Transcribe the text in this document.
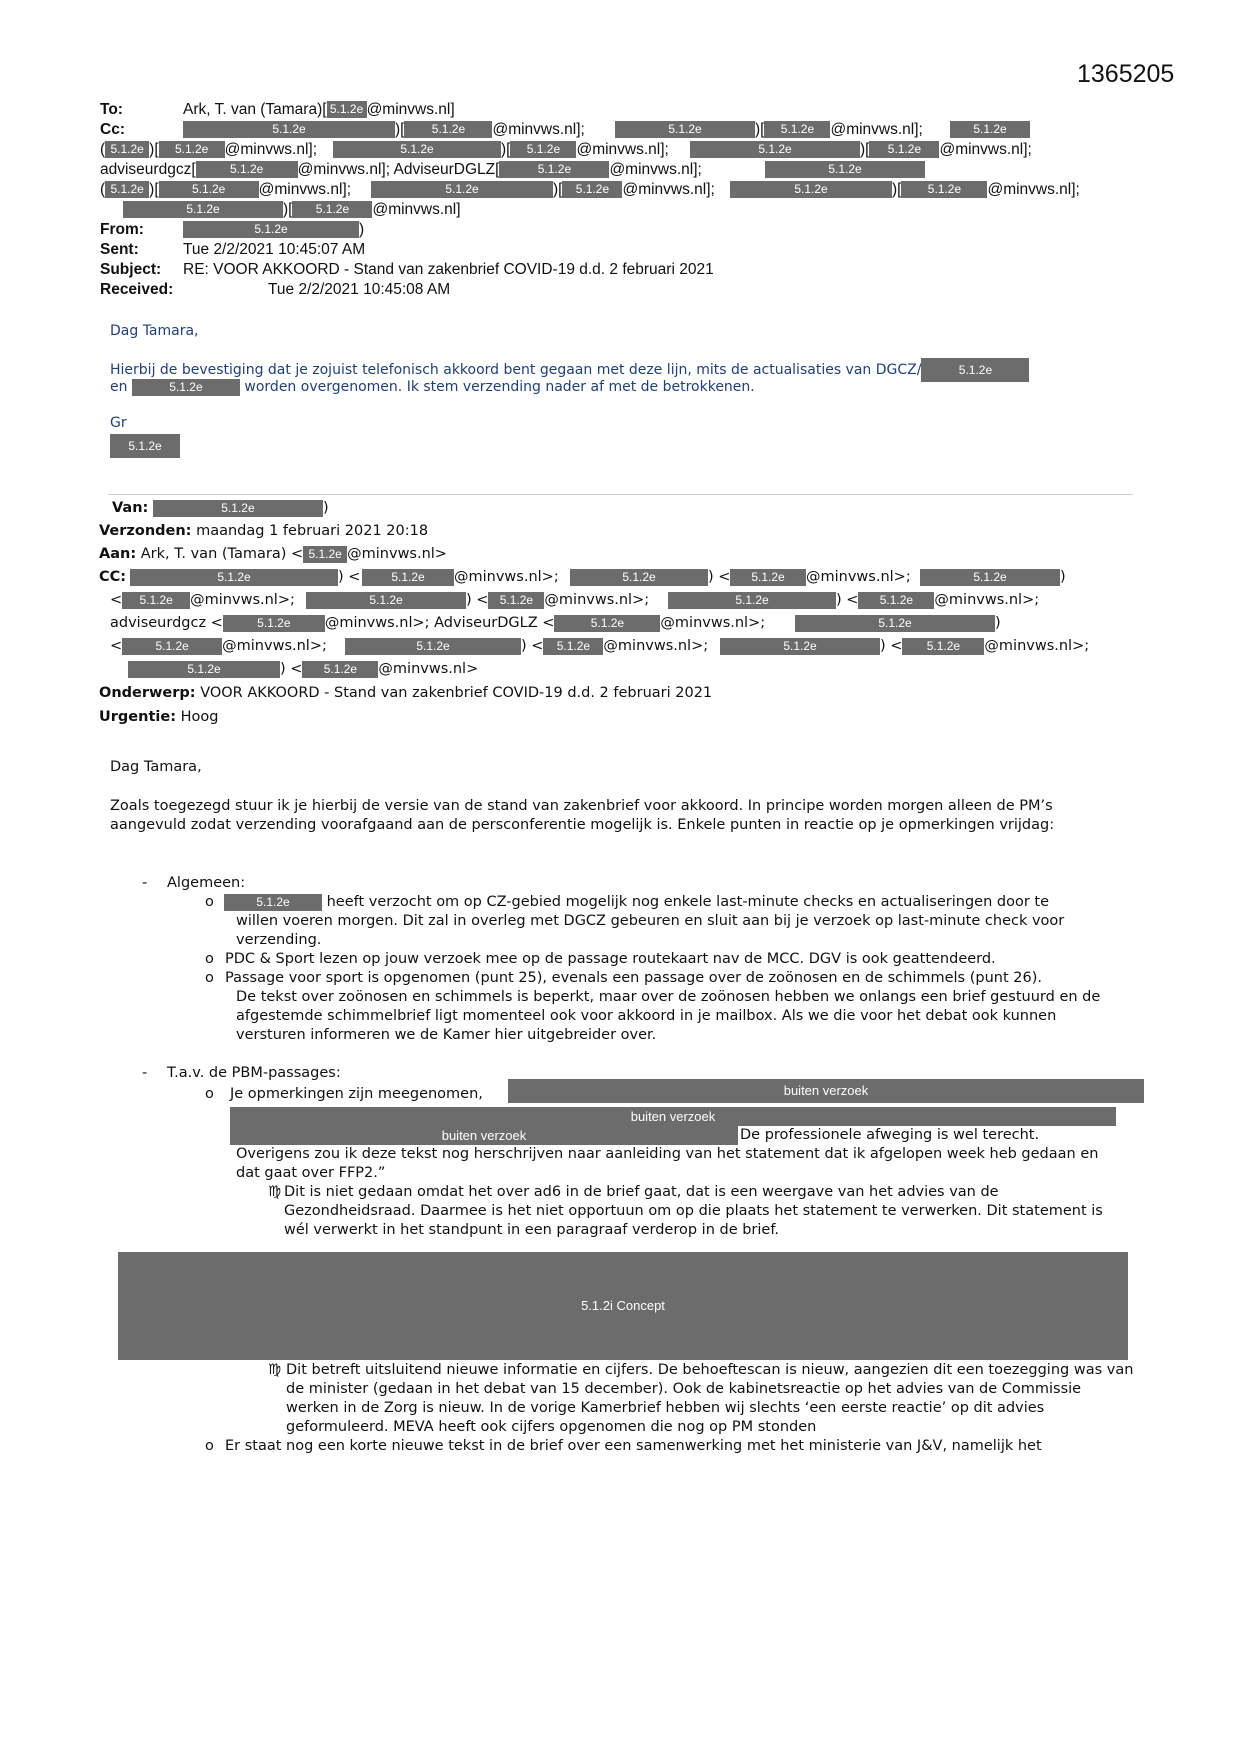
1365205
To:	Ark, T. van (Tamara)[ 5.1.2e @minvws.nl]
Cc:	5.1.2e	)[ 5.1.2e @minvws.nl];	5.1.2e	)[ 5.1.2e @minvws.nl];	5.1.2e
( 5.1.2e )[ 5.1.2e @minvws.nl];	5.1.2e	)[ 5.1.2e @minvws.nl];	5.1.2e	)[ 5.1.2e @minvws.nl];
adviseurdgcz[	5.1.2e @minvws.nl]; AdviseurDGLZ[	5.1.2e @minvws.nl];	5.1.2e
( 5.1.2e )[	5.1.2e @minvws.nl];	5.1.2e	)[ 5.1.2e @minvws.nl];	5.1.2e	)[ 5.1.2e @minvws.nl];
5.1.2e	)[ 5.1.2e @minvws.nl]
From:	5.1.2e	)
Sent:	Tue 2/2/2021 10:45:07 AM
Subject: RE: VOOR AKKOORD - Stand van zakenbrief COVID-19 d.d. 2 februari 2021
Received:	Tue 2/2/2021 10:45:08 AM
Dag Tamara,
Hierbij de bevestiging dat je zojuist telefonisch akkoord bent gegaan met deze lijn, mits de actualisaties van DGCZ/	5.1.2e
en	5.1.2e	worden overgenomen. Ik stem verzending nader af met de betrokkenen.
Gr
5.1.2e
Van:	5.1.2e	)
Verzonden: maandag 1 februari 2021 20:18
Aan: Ark, T. van (Tamara) < 5.1.2e @minvws.nl>
CC:	5.1.2e	) <	5.1.2e @minvws.nl>;	5.1.2e	) <	5.1.2e @minvws.nl>;	5.1.2e	)
< 5.1.2e @minvws.nl>;	5.1.2e	) < 5.1.2e @minvws.nl>;	5.1.2e	) < 5.1.2e @minvws.nl>;
adviseurdgcz <	5.1.2e @minvws.nl>; AdviseurDGLZ <	5.1.2e	@minvws.nl>;	5.1.2e	)
<	5.1.2e @minvws.nl>;	5.1.2e	) < 5.1.2e @minvws.nl>;	5.1.2e	) < 5.1.2e @minvws.nl>;
5.1.2e	) < 5.1.2e @minvws.nl>
Onderwerp: VOOR AKKOORD - Stand van zakenbrief COVID-19 d.d. 2 februari 2021
Urgentie: Hoog
Dag Tamara,
Zoals toegezegd stuur ik je hierbij de versie van de stand van zakenbrief voor akkoord. In principe worden morgen alleen de PM’s aangevuld zodat verzending voorafgaand aan de persconferentie mogelijk is. Enkele punten in reactie op je opmerkingen vrijdag:
- Algemeen:
o	5.1.2e	heeft verzocht om op CZ-gebied mogelijk nog enkele last-minute checks en actualiseringen door te
willen voeren morgen. Dit zal in overleg met DGCZ gebeuren en sluit aan bij je verzoek op last-minute check voor verzending.
o PDC & Sport lezen op jouw verzoek mee op de passage routekaart nav de MCC. DGV is ook geattendeerd.
o Passage voor sport is opgenomen (punt 25), evenals een passage over de zoönosen en de schimmels (punt 26).
De tekst over zoönosen en schimmels is beperkt, maar over de zoönosen hebben we onlangs een brief gestuurd en de afgestemde schimmelbrief ligt momenteel ook voor akkoord in je mailbox. Als we die voor het debat ook kunnen versturen informeren we de Kamer hier uitgebreider over.
- T.a.v. de PBM-passages:
o Je opmerkingen zijn meegenomen,	buiten verzoek
buiten verzoek
buiten verzoek	De professionele afweging is wel terecht.
Overigens zou ik deze tekst nog herschrijven naar aanleiding van het statement dat ik afgelopen week heb gedaan en dat gaat over FFP2.”
♍ Dit is niet gedaan omdat het over ad6 in de brief gaat, dat is een weergave van het advies van de Gezondheidsraad. Daarmee is het niet opportuun om op die plaats het statement te verwerken. Dit statement is wél verwerkt in het standpunt in een paragraaf verderop in de brief.
5.1.2i Concept
♍ Dit betreft uitsluitend nieuwe informatie en cijfers. De behoeftescan is nieuw, aangezien dit een toezegging was van de minister (gedaan in het debat van 15 december). Ook de kabinetsreactie op het advies van de Commissie werken in de Zorg is nieuw. In de vorige Kamerbrief hebben wij slechts ‘een eerste reactie’ op dit advies geformuleerd. MEVA heeft ook cijfers opgenomen die nog op PM stonden
o Er staat nog een korte nieuwe tekst in de brief over een samenwerking met het ministerie van J&V, namelijk het
